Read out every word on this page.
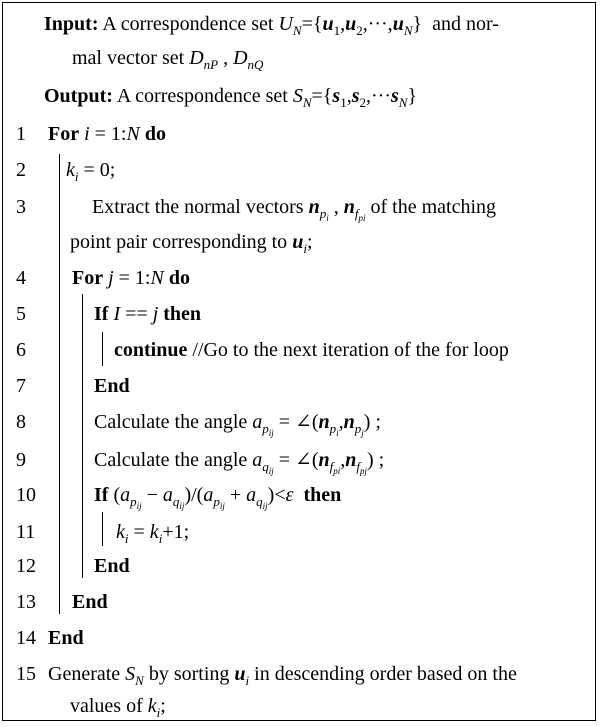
Input: A correspondence set $U_N=\{u_1,u_2,\cdot\cdot\cdot,u_N\}$ and nor-
mal vector set $D_{nP}$ , $D_{nQ}$
Output: A correspondence set $S_N=\{s_1,s_2,\cdot\cdot\cdot s_N\}$
1
2
3
4
5
6
7
8
9
10
11
12
13
14
15
For i = 1:N do
$k_i = 0$;
Extract the normal vectors $n_{p_i}$ , $n_{f_{pi}}$ of the matching
point pair corresponding to $u_i$;
For j = 1:N do
If I == j then
continue //Go to the next iteration of the for loop
End
Calculate the angle $a_{p_{ij}}$ = $\angle(n_{p_i},n_{p_j})$ ;
Calculate the angle $a_{q_{ij}}$ = $\angle(n_{f_{pi}},n_{f_{pj}})$ ;
If $(a_{p_{ij}} - a_{q_{ij}})/(a_{p_{ij}} + a_{q_{ij}})<\varepsilon$ then
$k_i = k_i+1$;
End
End
End
Generate $S_N$ by sorting $u_i$ in descending order based on the
values of $k_i$;
